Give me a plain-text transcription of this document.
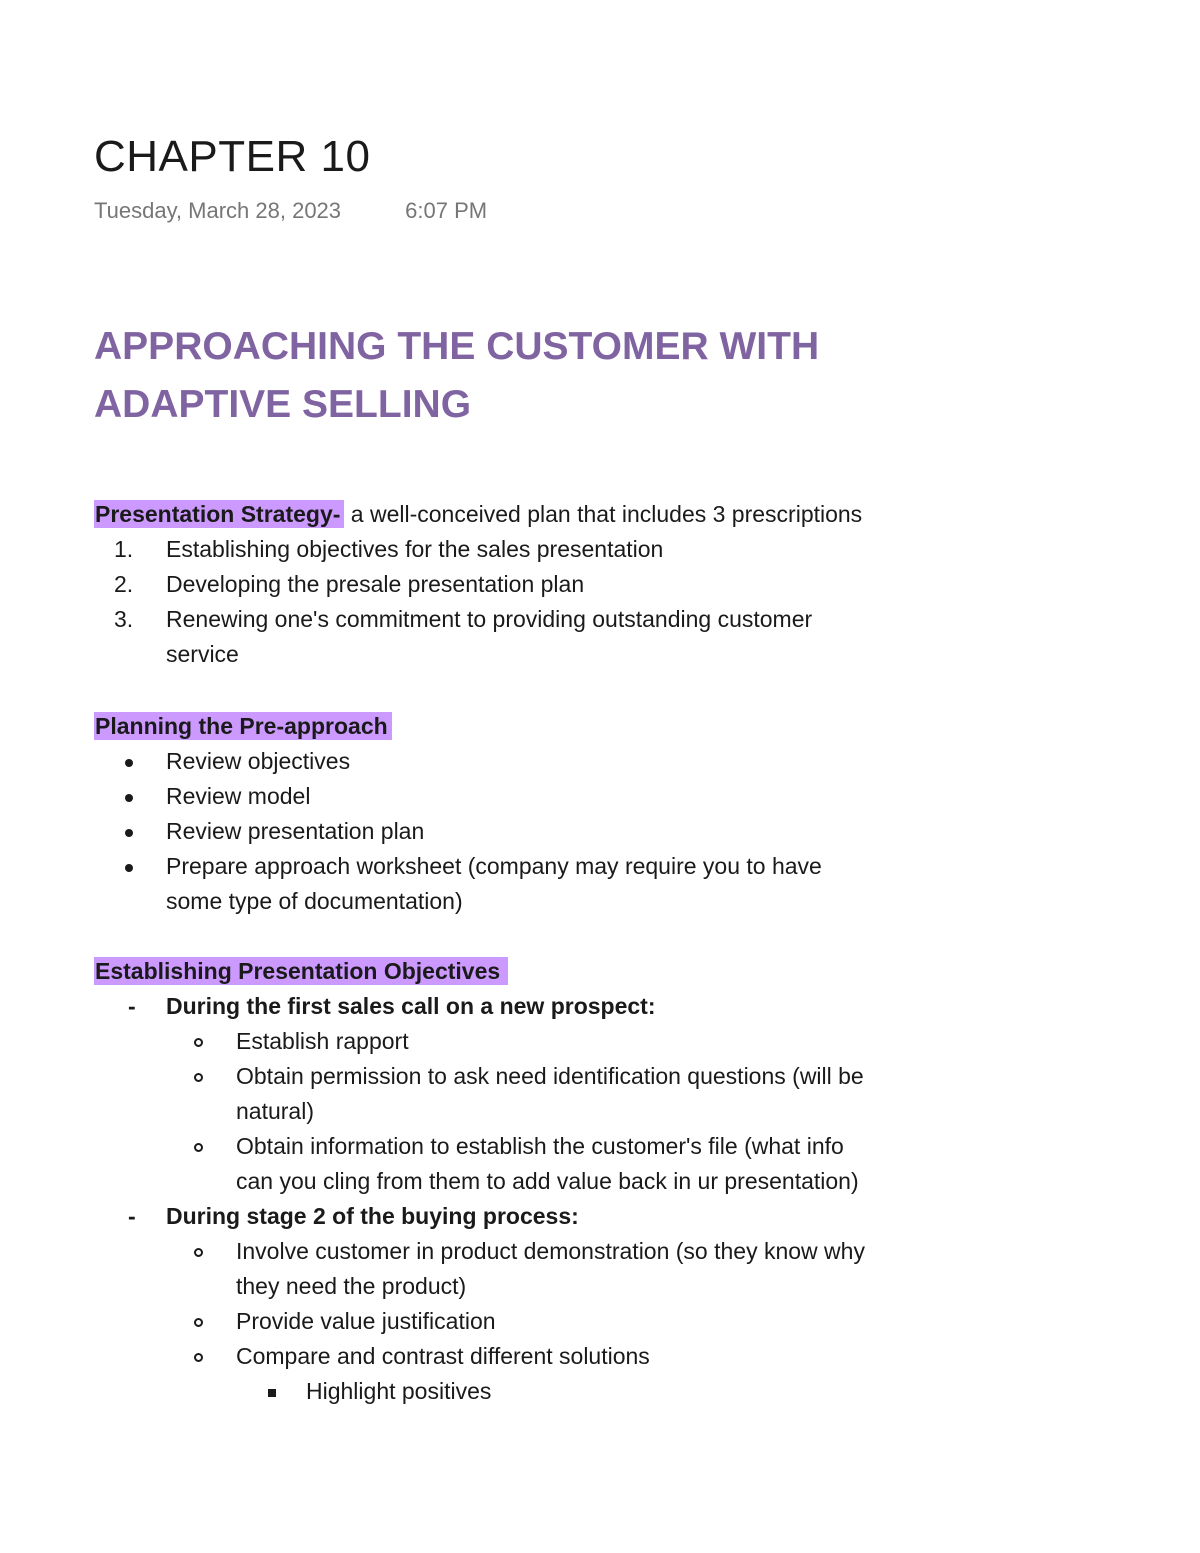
CHAPTER 10
Tuesday, March 28, 2023	6:07 PM
APPROACHING THE CUSTOMER WITH
ADAPTIVE SELLING
Presentation Strategy- a well-conceived plan that includes 3 prescriptions
1. Establishing objectives for the sales presentation
2. Developing the presale presentation plan
3. Renewing one's commitment to providing outstanding customer
service
Planning the Pre-approach
Review objectives
Review model
Review presentation plan
Prepare approach worksheet (company may require you to have
some type of documentation)
Establishing Presentation Objectives
- During the first sales call on a new prospect:
Establish rapport
Obtain permission to ask need identification questions (will be
natural)
Obtain information to establish the customer's file (what info
can you cling from them to add value back in ur presentation)
- During stage 2 of the buying process:
Involve customer in product demonstration (so they know why
they need the product)
Provide value justification
Compare and contrast different solutions
Highlight positives
